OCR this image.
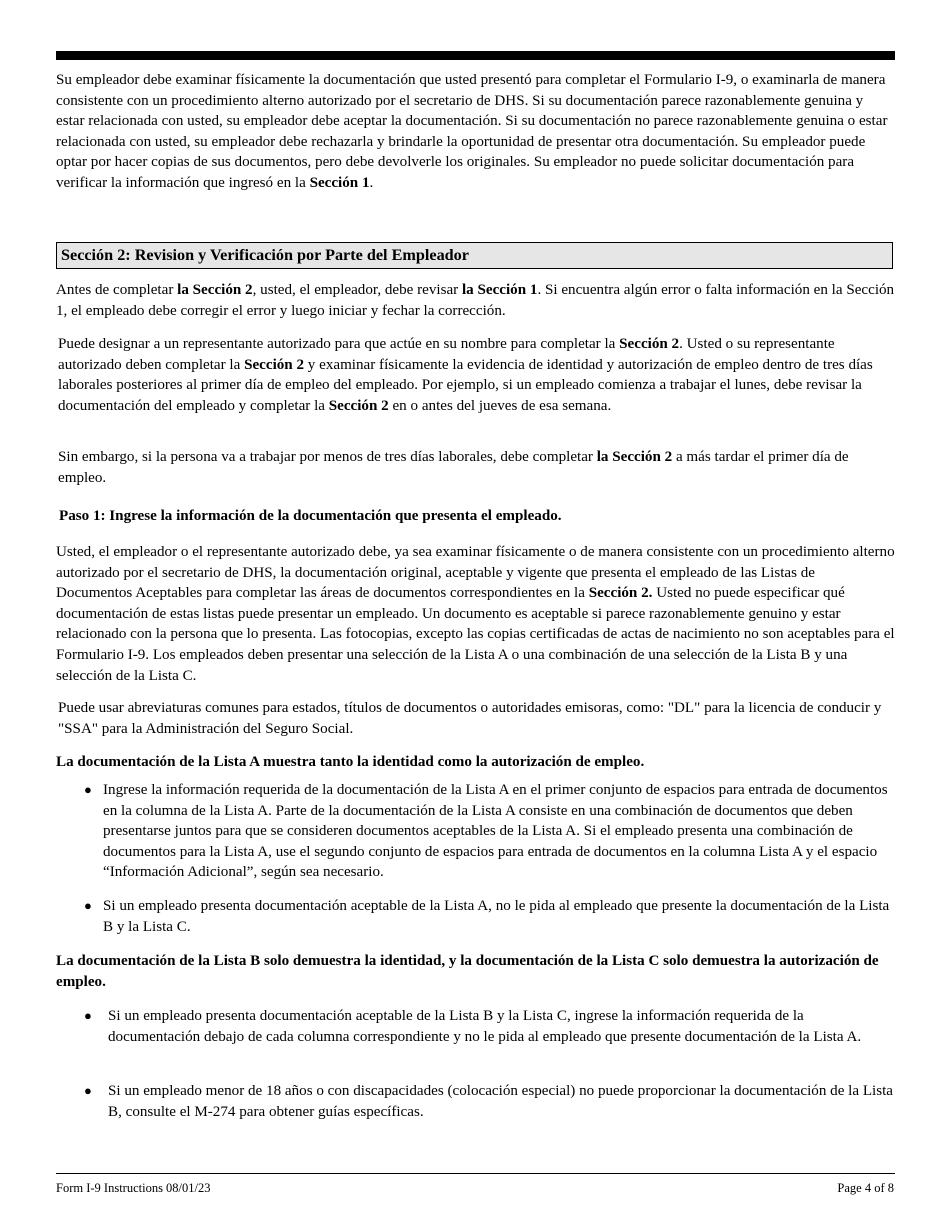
Su empleador debe examinar físicamente la documentación que usted presentó para completar el Formulario I-9, o examinarla de manera consistente con un procedimiento alterno autorizado por el secretario de DHS. Si su documentación parece razonablemente genuina y estar relacionada con usted, su empleador debe aceptar la documentación. Si su documentación no parece razonablemente genuina o estar relacionada con usted, su empleador debe rechazarla y brindarle la oportunidad de presentar otra documentación. Su empleador puede optar por hacer copias de sus documentos, pero debe devolverle los originales. Su empleador no puede solicitar documentación para verificar la información que ingresó en la Sección 1.

Sección 2: Revision y Verificación por Parte del Empleador

Antes de completar la Sección 2, usted, el empleador, debe revisar la Sección 1. Si encuentra algún error o falta información en la Sección 1, el empleado debe corregir el error y luego iniciar y fechar la corrección.

Puede designar a un representante autorizado para que actúe en su nombre para completar la Sección 2. Usted o su representante autorizado deben completar la Sección 2 y examinar físicamente la evidencia de identidad y autorización de empleo dentro de tres días laborales posteriores al primer día de empleo del empleado. Por ejemplo, si un empleado comienza a trabajar el lunes, debe revisar la documentación del empleado y completar la Sección 2 en o antes del jueves de esa semana.

Sin embargo, si la persona va a trabajar por menos de tres días laborales, debe completar la Sección 2 a más tardar el primer día de empleo.

Paso 1: Ingrese la información de la documentación que presenta el empleado.

Usted, el empleador o el representante autorizado debe, ya sea examinar físicamente o de manera consistente con un procedimiento alterno autorizado por el secretario de DHS, la documentación original, aceptable y vigente que presenta el empleado de las Listas de Documentos Aceptables para completar las áreas de documentos correspondientes en la Sección 2. Usted no puede especificar qué documentación de estas listas puede presentar un empleado. Un documento es aceptable si parece razonablemente genuino y estar relacionado con la persona que lo presenta. Las fotocopias, excepto las copias certificadas de actas de nacimiento no son aceptables para el Formulario I-9. Los empleados deben presentar una selección de la Lista A o una combinación de una selección de la Lista B y una selección de la Lista C.

Puede usar abreviaturas comunes para estados, títulos de documentos o autoridades emisoras, como: "DL" para la licencia de conducir y "SSA" para la Administración del Seguro Social.

La documentación de la Lista A muestra tanto la identidad como la autorización de empleo.

● Ingrese la información requerida de la documentación de la Lista A en el primer conjunto de espacios para entrada de documentos en la columna de la Lista A. Parte de la documentación de la Lista A consiste en una combinación de documentos que deben presentarse juntos para que se consideren documentos aceptables de la Lista A. Si el empleado presenta una combinación de documentos para la Lista A, use el segundo conjunto de espacios para entrada de documentos en la columna Lista A y el espacio “Información Adicional”, según sea necesario.

● Si un empleado presenta documentación aceptable de la Lista A, no le pida al empleado que presente la documentación de la Lista B y la Lista C.

La documentación de la Lista B solo demuestra la identidad, y la documentación de la Lista C solo demuestra la autorización de empleo.

●	Si un empleado presenta documentación aceptable de la Lista B y la Lista C, ingrese la información requerida de la documentación debajo de cada columna correspondiente y no le pida al empleado que presente documentación de la Lista A.

●	Si un empleado menor de 18 años o con discapacidades (colocación especial) no puede proporcionar la documentación de la Lista B, consulte el M-274 para obtener guías específicas.

Form I-9 Instructions 08/01/23	Page 4 of 8
